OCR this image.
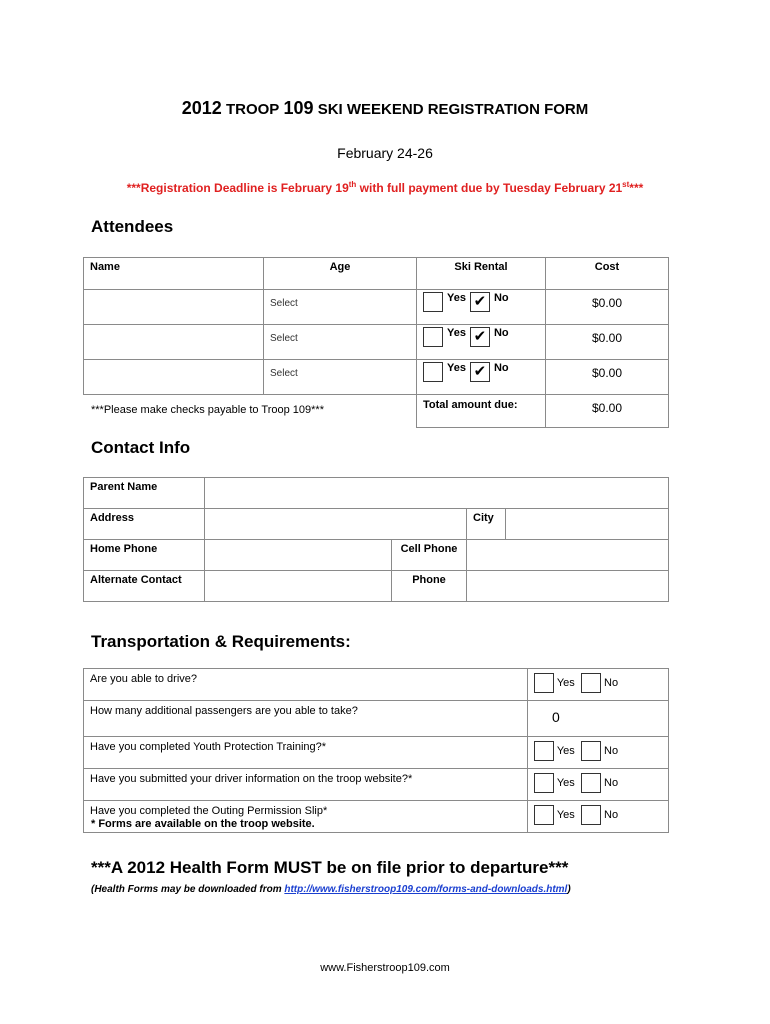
2012 TROOP 109 SKI WEEKEND REGISTRATION FORM
February 24-26
***Registration Deadline is February 19th with full payment due by Tuesday February 21st***
Attendees
Name	Age	Ski Rental	Cost
	Select	Yes ✔ No	$0.00
	Select	Yes ✔ No	$0.00
	Select	Yes ✔ No	$0.00
		Total amount due:	$0.00
***Please make checks payable to Troop 109***
Contact Info
Parent Name				
Address			City	
Home Phone		Cell Phone		
Alternate Contact		Phone		
Transportation & Requirements:
Are you able to drive?	Yes No
How many additional passengers are you able to take?	0
Have you completed Youth Protection Training?*	Yes No
Have you submitted your driver information on the troop website?*	Yes No
Have you completed the Outing Permission Slip*	Yes No
* Forms are available on the troop website.
***A 2012 Health Form MUST be on file prior to departure***
(Health Forms may be downloaded from http://www.fisherstroop109.com/forms-and-downloads.html)
www.Fisherstroop109.com
